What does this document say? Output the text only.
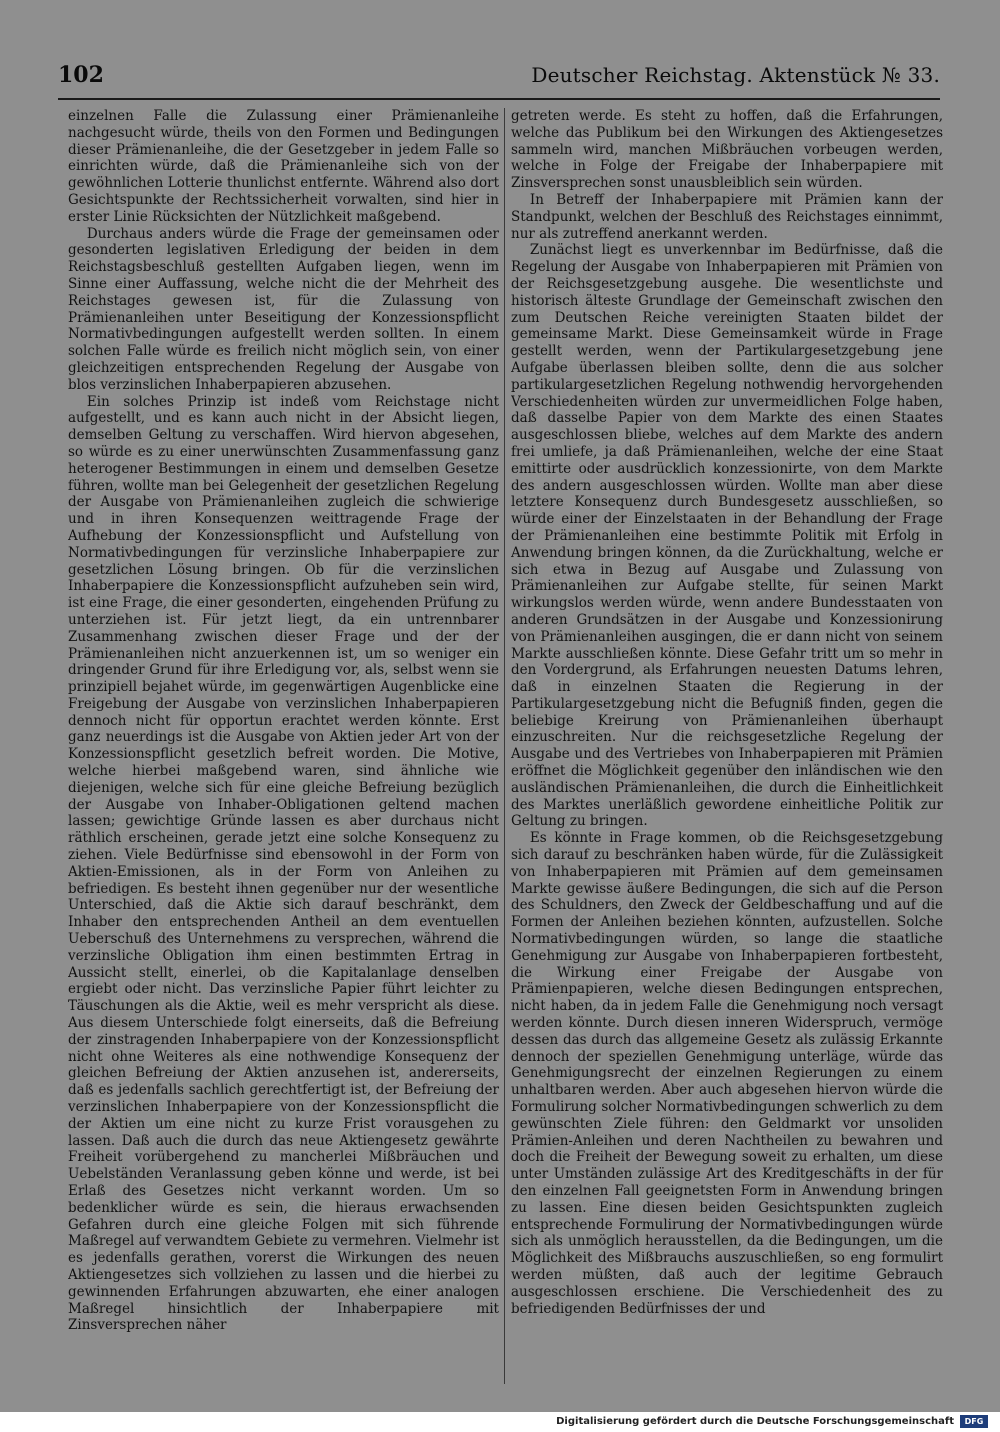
102	Deutscher Reichstag. Aktenstück № 33.

einzelnen Falle die Zulassung einer Prämienanleihe nachgesucht würde, theils von den Formen und Bedingungen dieser Prämienanleihe, die der Gesetzgeber in jedem Falle so einrichten würde, daß die Prämienanleihe sich von der gewöhnlichen Lotterie thunlichst entfernte. Während also dort Gesichtspunkte der Rechtssicherheit vorwalten, sind hier in erster Linie Rücksichten der Nützlichkeit maßgebend.

Durchaus anders würde die Frage der gemeinsamen oder gesonderten legislativen Erledigung der beiden in dem Reichstagsbeschluß gestellten Aufgaben liegen, wenn im Sinne einer Auffassung, welche nicht die der Mehrheit des Reichstages gewesen ist, für die Zulassung von Prämienanleihen unter Beseitigung der Konzessionspflicht Normativbedingungen aufgestellt werden sollten. In einem solchen Falle würde es freilich nicht möglich sein, von einer gleichzeitigen entsprechenden Regelung der Ausgabe von blos verzinslichen Inhaberpapieren abzusehen.

Ein solches Prinzip ist indeß vom Reichstage nicht aufgestellt, und es kann auch nicht in der Absicht liegen, demselben Geltung zu verschaffen. Wird hiervon abgesehen, so würde es zu einer unerwünschten Zusammenfassung ganz heterogener Bestimmungen in einem und demselben Gesetze führen, wollte man bei Gelegenheit der gesetzlichen Regelung der Ausgabe von Prämienanleihen zugleich die schwierige und in ihren Konsequenzen weittragende Frage der Aufhebung der Konzessionspflicht und Aufstellung von Normativbedingungen für verzinsliche Inhaberpapiere zur gesetzlichen Lösung bringen. Ob für die verzinslichen Inhaberpapiere die Konzessionspflicht aufzuheben sein wird, ist eine Frage, die einer gesonderten, eingehenden Prüfung zu unterziehen ist. Für jetzt liegt, da ein untrennbarer Zusammenhang zwischen dieser Frage und der der Prämienanleihen nicht anzuerkennen ist, um so weniger ein dringender Grund für ihre Erledigung vor, als, selbst wenn sie prinzipiell bejahet würde, im gegenwärtigen Augenblicke eine Freigebung der Ausgabe von verzinslichen Inhaberpapieren dennoch nicht für opportun erachtet werden könnte. Erst ganz neuerdings ist die Ausgabe von Aktien jeder Art von der Konzessionspflicht gesetzlich befreit worden. Die Motive, welche hierbei maßgebend waren, sind ähnliche wie diejenigen, welche sich für eine gleiche Befreiung bezüglich der Ausgabe von Inhaber-Obligationen geltend machen lassen; gewichtige Gründe lassen es aber durchaus nicht räthlich erscheinen, gerade jetzt eine solche Konsequenz zu ziehen. Viele Bedürfnisse sind ebensowohl in der Form von Aktien-Emissionen, als in der Form von Anleihen zu befriedigen. Es besteht ihnen gegenüber nur der wesentliche Unterschied, daß die Aktie sich darauf beschränkt, dem Inhaber den entsprechenden Antheil an dem eventuellen Ueberschuß des Unternehmens zu versprechen, während die verzinsliche Obligation ihm einen bestimmten Ertrag in Aussicht stellt, einerlei, ob die Kapitalanlage denselben ergiebt oder nicht. Das verzinsliche Papier führt leichter zu Täuschungen als die Aktie, weil es mehr verspricht als diese. Aus diesem Unterschiede folgt einerseits, daß die Befreiung der zinstragenden Inhaberpapiere von der Konzessionspflicht nicht ohne Weiteres als eine nothwendige Konsequenz der gleichen Befreiung der Aktien anzusehen ist, andererseits, daß es jedenfalls sachlich gerechtfertigt ist, der Befreiung der verzinslichen Inhaberpapiere von der Konzessionspflicht die der Aktien um eine nicht zu kurze Frist vorausgehen zu lassen. Daß auch die durch das neue Aktiengesetz gewährte Freiheit vorübergehend zu mancherlei Mißbräuchen und Uebelständen Veranlassung geben könne und werde, ist bei Erlaß des Gesetzes nicht verkannt worden. Um so bedenklicher würde es sein, die hieraus erwachsenden Gefahren durch eine gleiche Folgen mit sich führende Maßregel auf verwandtem Gebiete zu vermehren. Vielmehr ist es jedenfalls gerathen, vorerst die Wirkungen des neuen Aktiengesetzes sich vollziehen zu lassen und die hierbei zu gewinnenden Erfahrungen abzuwarten, ehe einer analogen Maßregel hinsichtlich der Inhaberpapiere mit Zinsversprechen näher

getreten werde. Es steht zu hoffen, daß die Erfahrungen, welche das Publikum bei den Wirkungen des Aktiengesetzes sammeln wird, manchen Mißbräuchen vorbeugen werden, welche in Folge der Freigabe der Inhaberpapiere mit Zinsversprechen sonst unausbleiblich sein würden.

In Betreff der Inhaberpapiere mit Prämien kann der Standpunkt, welchen der Beschluß des Reichstages einnimmt, nur als zutreffend anerkannt werden.

Zunächst liegt es unverkennbar im Bedürfnisse, daß die Regelung der Ausgabe von Inhaberpapieren mit Prämien von der Reichsgesetzgebung ausgehe. Die wesentlichste und historisch älteste Grundlage der Gemeinschaft zwischen den zum Deutschen Reiche vereinigten Staaten bildet der gemeinsame Markt. Diese Gemeinsamkeit würde in Frage gestellt werden, wenn der Partikulargesetzgebung jene Aufgabe überlassen bleiben sollte, denn die aus solcher partikulargesetzlichen Regelung nothwendig hervorgehenden Verschiedenheiten würden zur unvermeidlichen Folge haben, daß dasselbe Papier von dem Markte des einen Staates ausgeschlossen bliebe, welches auf dem Markte des andern frei umliefe, ja daß Prämienanleihen, welche der eine Staat emittirte oder ausdrücklich konzessionirte, von dem Markte des andern ausgeschlossen würden. Wollte man aber diese letztere Konsequenz durch Bundesgesetz ausschließen, so würde einer der Einzelstaaten in der Behandlung der Frage der Prämienanleihen eine bestimmte Politik mit Erfolg in Anwendung bringen können, da die Zurückhaltung, welche er sich etwa in Bezug auf Ausgabe und Zulassung von Prämienanleihen zur Aufgabe stellte, für seinen Markt wirkungslos werden würde, wenn andere Bundesstaaten von anderen Grundsätzen in der Ausgabe und Konzessionirung von Prämienanleihen ausgingen, die er dann nicht von seinem Markte ausschließen könnte. Diese Gefahr tritt um so mehr in den Vordergrund, als Erfahrungen neuesten Datums lehren, daß in einzelnen Staaten die Regierung in der Partikulargesetzgebung nicht die Befugniß finden, gegen die beliebige Kreirung von Prämienanleihen überhaupt einzuschreiten. Nur die reichsgesetzliche Regelung der Ausgabe und des Vertriebes von Inhaberpapieren mit Prämien eröffnet die Möglichkeit gegenüber den inländischen wie den ausländischen Prämienanleihen, die durch die Einheitlichkeit des Marktes unerläßlich gewordene einheitliche Politik zur Geltung zu bringen.

Es könnte in Frage kommen, ob die Reichsgesetzgebung sich darauf zu beschränken haben würde, für die Zulässigkeit von Inhaberpapieren mit Prämien auf dem gemeinsamen Markte gewisse äußere Bedingungen, die sich auf die Person des Schuldners, den Zweck der Geldbeschaffung und auf die Formen der Anleihen beziehen könnten, aufzustellen. Solche Normativbedingungen würden, so lange die staatliche Genehmigung zur Ausgabe von Inhaberpapieren fortbesteht, die Wirkung einer Freigabe der Ausgabe von Prämienpapieren, welche diesen Bedingungen entsprechen, nicht haben, da in jedem Falle die Genehmigung noch versagt werden könnte. Durch diesen inneren Widerspruch, vermöge dessen das durch das allgemeine Gesetz als zulässig Erkannte dennoch der speziellen Genehmigung unterläge, würde das Genehmigungsrecht der einzelnen Regierungen zu einem unhaltbaren werden. Aber auch abgesehen hiervon würde die Formulirung solcher Normativbedingungen schwerlich zu dem gewünschten Ziele führen: den Geldmarkt vor unsoliden Prämien-Anleihen und deren Nachtheilen zu bewahren und doch die Freiheit der Bewegung soweit zu erhalten, um diese unter Umständen zulässige Art des Kreditgeschäfts in der für den einzelnen Fall geeignetsten Form in Anwendung bringen zu lassen. Eine diesen beiden Gesichtspunkten zugleich entsprechende Formulirung der Normativbedingungen würde sich als unmöglich herausstellen, da die Bedingungen, um die Möglichkeit des Mißbrauchs auszuschließen, so eng formulirt werden müßten, daß auch der legitime Gebrauch ausgeschlossen erschiene. Die Verschiedenheit des zu befriedigenden Bedürfnisses der und

Digitalisierung gefördert durch die Deutsche Forschungsgemeinschaft	DFG
